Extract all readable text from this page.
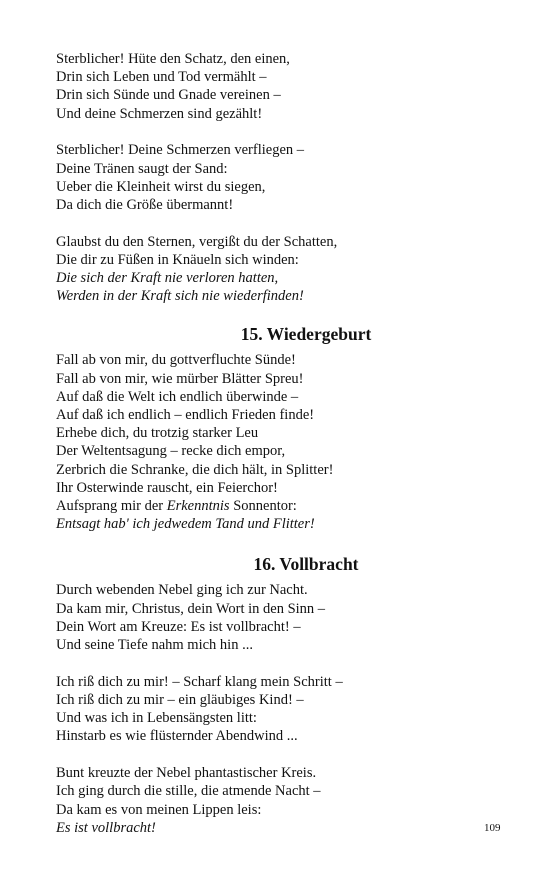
Sterblicher! Hüte den Schatz, den einen,
Drin sich Leben und Tod vermählt –
Drin sich Sünde und Gnade vereinen –
Und deine Schmerzen sind gezählt!
Sterblicher! Deine Schmerzen verfliegen –
Deine Tränen saugt der Sand:
Ueber die Kleinheit wirst du siegen,
Da dich die Größe übermannt!
Glaubst du den Sternen, vergißt du der Schatten,
Die dir zu Füßen in Knäueln sich winden:
Die sich der Kraft nie verloren hatten,
Werden in der Kraft sich nie wiederfinden!
15. Wiedergeburt
Fall ab von mir, du gottverfluchte Sünde!
Fall ab von mir, wie mürber Blätter Spreu!
Auf daß die Welt ich endlich überwinde –
Auf daß ich endlich – endlich Frieden finde!
Erhebe dich, du trotzig starker Leu
Der Weltentsagung – recke dich empor,
Zerbrich die Schranke, die dich hält, in Splitter!
Ihr Osterwinde rauscht, ein Feierchor!
Aufsprang mir der Erkenntnis Sonnentor:
Entsagt hab' ich jedwedem Tand und Flitter!
16. Vollbracht
Durch webenden Nebel ging ich zur Nacht.
Da kam mir, Christus, dein Wort in den Sinn –
Dein Wort am Kreuze: Es ist vollbracht! –
Und seine Tiefe nahm mich hin ...
Ich riß dich zu mir! – Scharf klang mein Schritt –
Ich riß dich zu mir – ein gläubiges Kind! –
Und was ich in Lebensängsten litt:
Hinstarb es wie flüsternder Abendwind ...
Bunt kreuzte der Nebel phantastischer Kreis.
Ich ging durch die stille, die atmende Nacht –
Da kam es von meinen Lippen leis:
Es ist vollbracht!	109
